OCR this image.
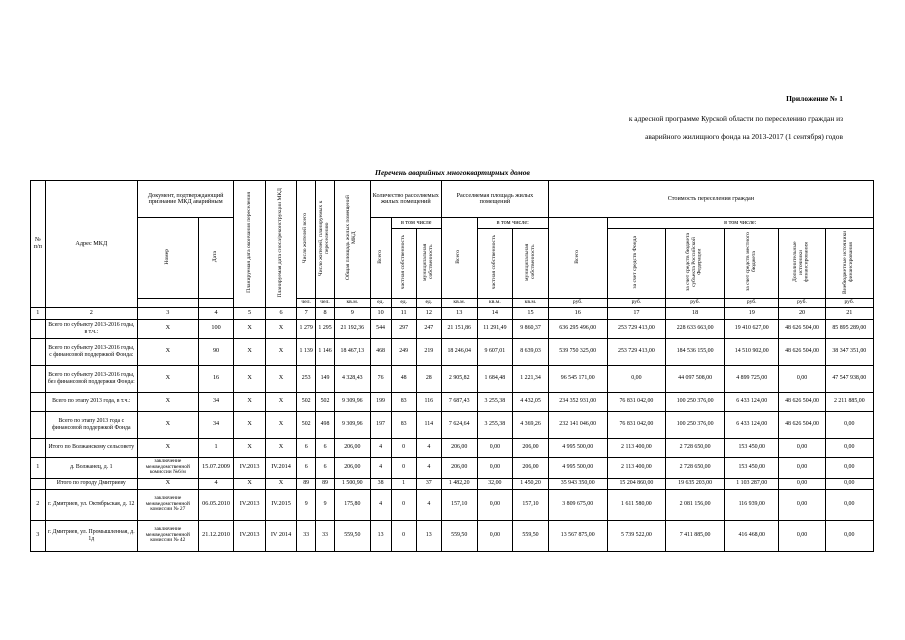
Приложение № 1
к адресной программе Курской области по переселению граждан из
аварийного жилищного фонда на 2013-2017 (1 сентября) годов
Перечень аварийных многоквартирных домов
№ п/п	Адрес МКД	Документ, подтверждающий признание МКД аварийным		Планируемая дата окончания переселения	Планируемая дата сноса/реконструкции МКД	Число жителей всего	Число жителей, планируемых к переселению	Общая площадь жилых помещений МКД	Количество расселяемых жилых помещений			Расселяемая площадь жилых помещений			Стоимость переселения граждан					
		Номер	Дата						Всего	в том числе		Всего	в том числе:		Всего	в том числе:				
										частная собственность	муниципальная собственность		частная собственность	муниципальная собственность		за счет средств Фонда	за счет средств бюджета субъекта Российской Федерации	за счет средств местного бюджета	Дополнительные источники финансирования	Внебюджетные источники финансирования
						чел.	чел.	кв.м.	ед.	ед.	ед.	кв.м.	кв.м.	кв.м.	руб.	руб.	руб.	руб.	руб.	руб.
1	2	3	4	5	6	7	8	9	10	11	12	13	14	15	16	17	18	19	20	21
	Всего по субъекту 2013-2016 годы, в т.ч.:	Х	100	Х	Х	1 279	1 295	21 192,36	544	297	247	21 151,86	11 291,49	9 860,37	636 295 496,00	253 729 413,00	228 633 663,00	19 410 627,00	48 626 504,00	85 895 289,00
	Всего по субъекту 2013-2016 годы, с финансовой поддержкой Фонда:	Х	90	Х	Х	1 139	1 146	18 467,13	468	249	219	18 246,04	9 607,01	8 639,03	539 750 325,00	253 729 413,00	184 536 155,00	14 510 902,00	48 626 504,00	38 347 351,00
	Всего по субъекту 2013-2016 годы, без финансовой поддержки Фонда:	Х	16	Х	Х	253	149	4 328,43	76	48	28	2 905,82	1 684,48	1 221,34	96 545 171,00	0,00	44 097 508,00	4 899 725,00	0,00	47 547 938,00
	Всего по этапу 2013 года, в т.ч.:	Х	34	Х	Х	502	502	9 309,96	199	83	116	7 687,43	3 255,38	4 432,05	234 352 931,00	76 831 042,00	100 250 376,00	6 433 124,00	48 626 504,00	2 211 885,00
	Всего по этапу 2013 года с финансовой поддержкой Фонда	Х	34	Х	Х	502	498	9 309,96	197	83	114	7 624,64	3 255,38	4 369,26	232 141 046,00	76 831 042,00	100 250 376,00	6 433 124,00	48 626 504,00	0,00
	Итого по Волжанскому сельсовету	Х	1	Х	Х	6	6	206,00	4	0	4	206,00	0,00	206,00	4 995 500,00	2 113 400,00	2 728 650,00	153 450,00	0,00	0,00
1	д. Волжанец, д. 1	заключение межведомственной комиссии №6/м	15.07.2009	IV.2013	IV.2014	6	6	206,00	4	0	4	206,00	0,00	206,00	4 995 500,00	2 113 400,00	2 728 650,00	153 450,00	0,00	0,00
	Итого по городу Дмитриеву	Х	4	Х	Х	89	89	1 500,90	38	1	37	1 482,20	32,00	1 450,20	35 943 350,00	15 204 860,00	19 635 203,00	1 103 287,00	0,00	0,00
2	г. Дмитриев, ул. Октябрьская, д. 12	заключение межведомственной комиссии № 27	06.05.2010	IV.2013	IV.2015	9	9	175,80	4	0	4	157,10	0,00	157,10	3 809 675,00	1 611 580,00	2 081 156,00	116 939,00	0,00	0,00
3	г. Дмитриев, ул. Промышленная, д. 1д	заключение межведомственной комиссии № 42	21.12.2010	IV.2013	IV 2014	33	33	559,50	13	0	13	559,50	0,00	559,50	13 567 875,00	5 739 522,00	7 411 885,00	416 468,00	0,00	0,00
